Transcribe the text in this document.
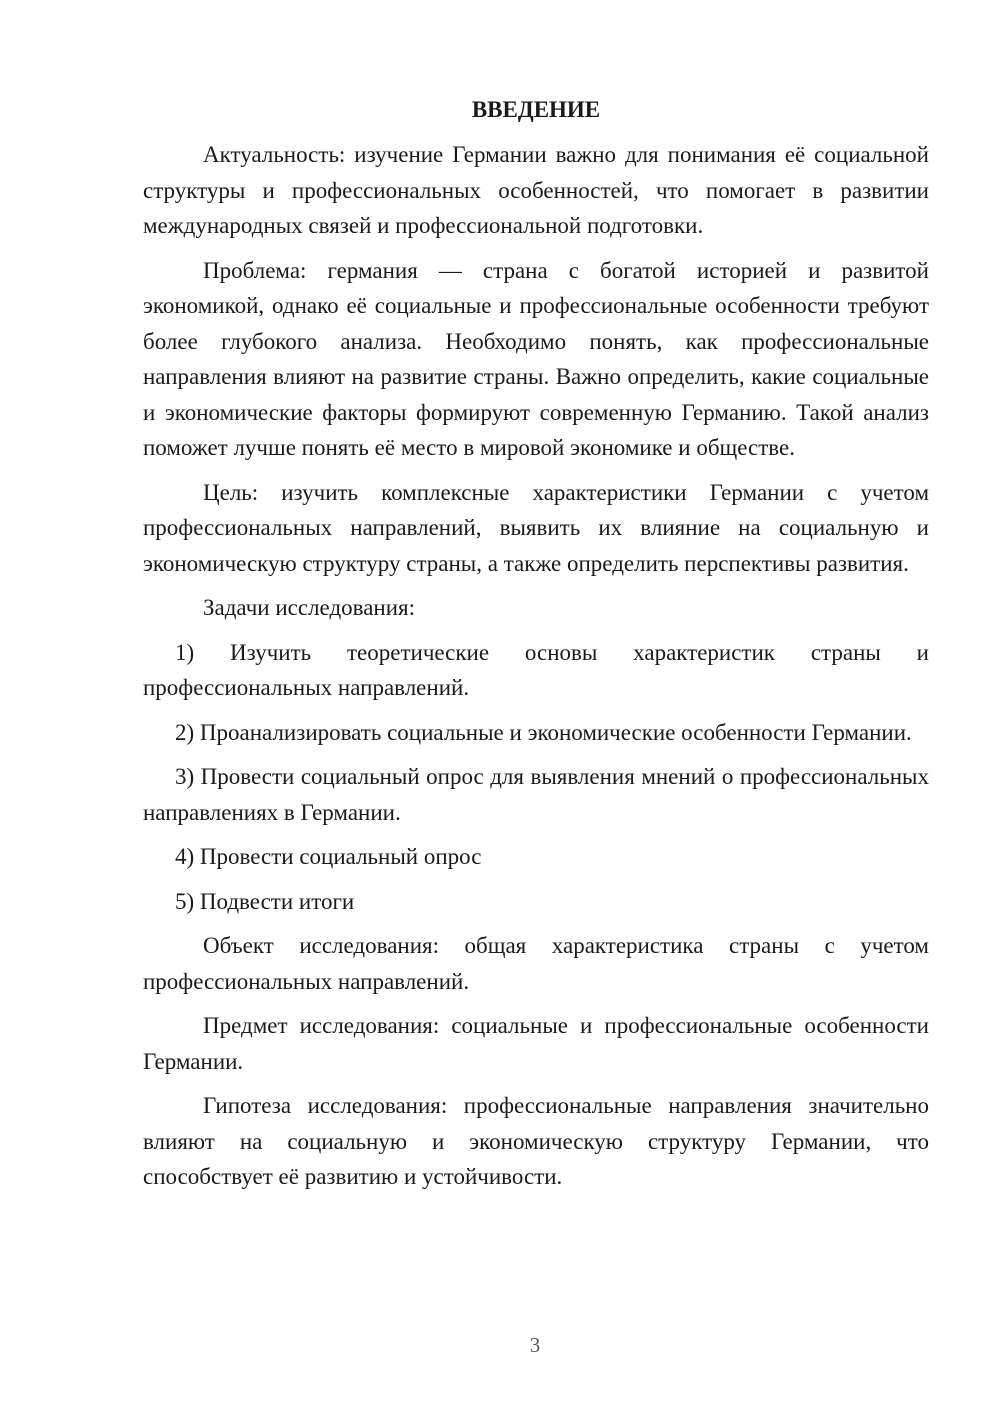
ВВЕДЕНИЕ

Актуальность: изучение Германии важно для понимания её социальной структуры и профессиональных особенностей, что помогает в развитии международных связей и профессиональной подготовки.

Проблема: германия — страна с богатой историей и развитой экономикой, однако её социальные и профессиональные особенности требуют более глубокого анализа. Необходимо понять, как профессиональные направления влияют на развитие страны. Важно определить, какие социальные и экономические факторы формируют современную Германию. Такой анализ поможет лучше понять её место в мировой экономике и обществе.

Цель: изучить комплексные характеристики Германии с учетом профессиональных направлений, выявить их влияние на социальную и экономическую структуру страны, а также определить перспективы развития.

Задачи исследования:

1) Изучить теоретические основы характеристик страны и профессиональных направлений.

2) Проанализировать социальные и экономические особенности Германии.

3) Провести социальный опрос для выявления мнений о профессиональных направлениях в Германии.

4) Провести социальный опрос

5) Подвести итоги

Объект исследования: общая характеристика страны с учетом профессиональных направлений.

Предмет исследования: социальные и профессиональные особенности Германии.

Гипотеза исследования: профессиональные направления значительно влияют на социальную и экономическую структуру Германии, что способствует её развитию и устойчивости.

3
